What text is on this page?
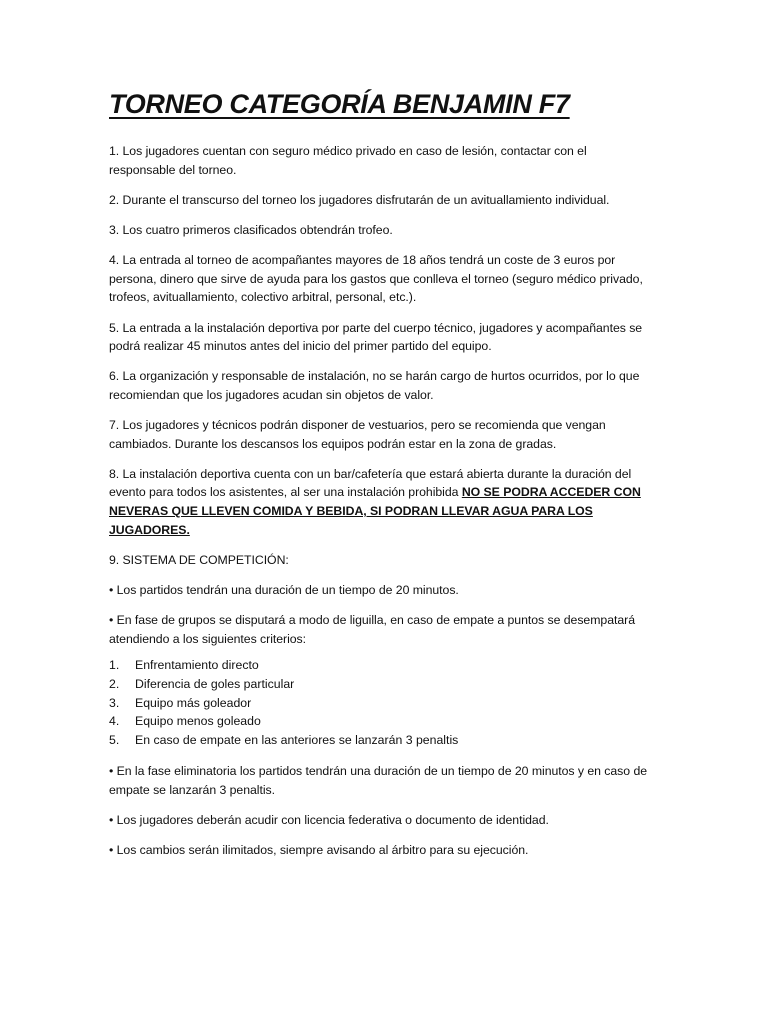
TORNEO CATEGORÍA BENJAMIN F7

1. Los jugadores cuentan con seguro médico privado en caso de lesión, contactar con el responsable del torneo.

2. Durante el transcurso del torneo los jugadores disfrutarán de un avituallamiento individual.

3. Los cuatro primeros clasificados obtendrán trofeo.

4. La entrada al torneo de acompañantes mayores de 18 años tendrá un coste de 3 euros por persona, dinero que sirve de ayuda para los gastos que conlleva el torneo (seguro médico privado, trofeos, avituallamiento, colectivo arbitral, personal, etc.).

5. La entrada a la instalación deportiva por parte del cuerpo técnico, jugadores y acompañantes se podrá realizar 45 minutos antes del inicio del primer partido del equipo.

6. La organización y responsable de instalación, no se harán cargo de hurtos ocurridos, por lo que recomiendan que los jugadores acudan sin objetos de valor.

7. Los jugadores y técnicos podrán disponer de vestuarios, pero se recomienda que vengan cambiados. Durante los descansos los equipos podrán estar en la zona de gradas.

8. La instalación deportiva cuenta con un bar/cafetería que estará abierta durante la duración del evento para todos los asistentes, al ser una instalación prohibida NO SE PODRA ACCEDER CON NEVERAS QUE LLEVEN COMIDA Y BEBIDA, SI PODRAN LLEVAR AGUA PARA LOS JUGADORES.

9. SISTEMA DE COMPETICIÓN:

• Los partidos tendrán una duración de un tiempo de 20 minutos.

• En fase de grupos se disputará a modo de liguilla, en caso de empate a puntos se desempatará atendiendo a los siguientes criterios:

1.	Enfrentamiento directo
2.	Diferencia de goles particular
3.	Equipo más goleador
4.	Equipo menos goleado
5.	En caso de empate en las anteriores se lanzarán 3 penaltis

• En la fase eliminatoria los partidos tendrán una duración de un tiempo de 20 minutos y en caso de empate se lanzarán 3 penaltis.

• Los jugadores deberán acudir con licencia federativa o documento de identidad.

• Los cambios serán ilimitados, siempre avisando al árbitro para su ejecución.
